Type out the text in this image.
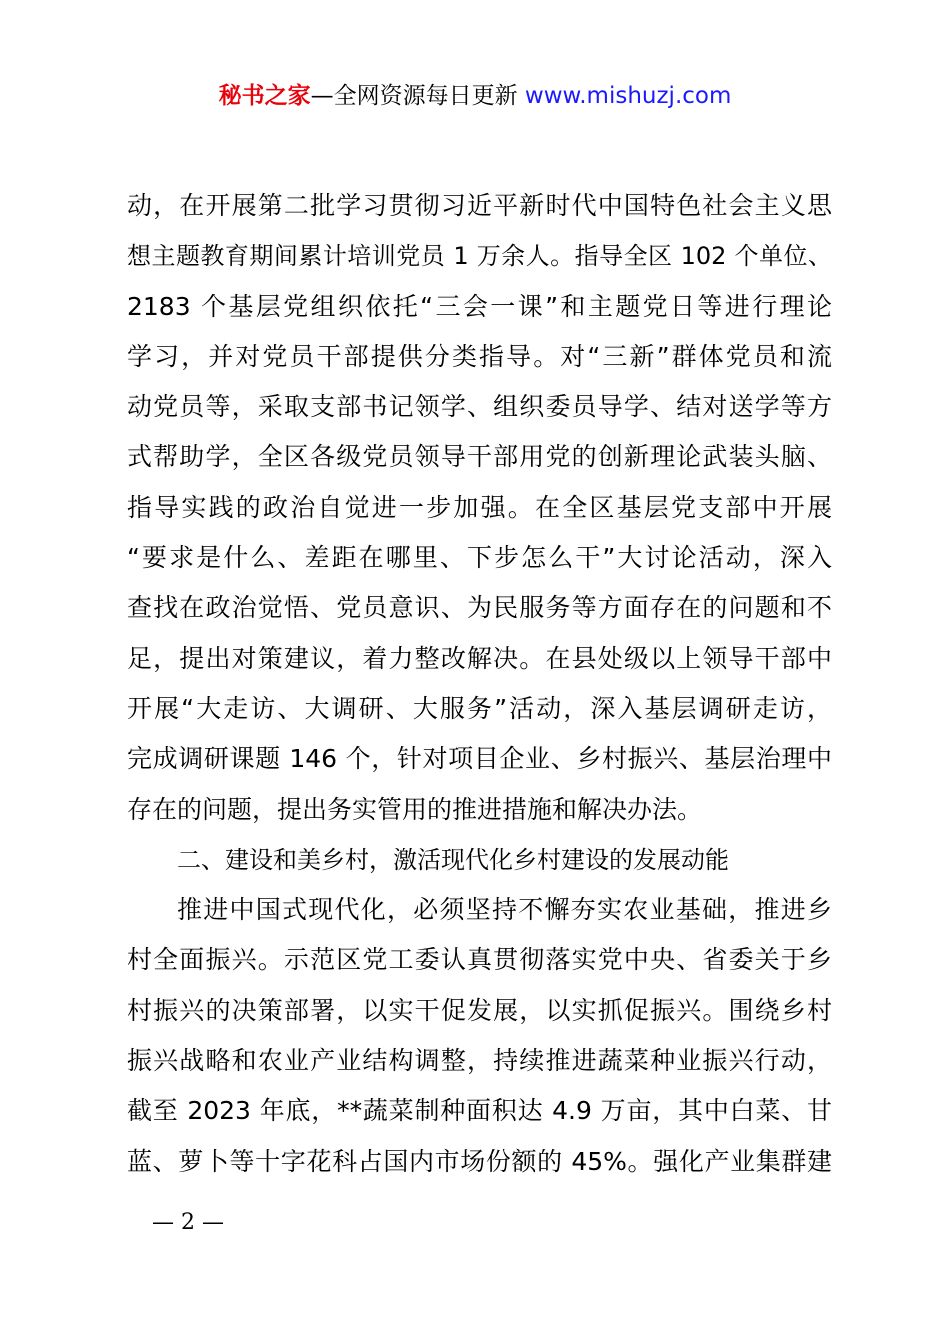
秘书之家—全网资源每日更新 www.mishuzj.com
动，在开展第二批学习贯彻习近平新时代中国特色社会主义思
想主题教育期间累计培训党员 1 万余人。指导全区 102 个单位、
2183 个基层党组织依托“三会一课”和主题党日等进行理论
学习，并对党员干部提供分类指导。对“三新”群体党员和流
动党员等，采取支部书记领学、组织委员导学、结对送学等方
式帮助学，全区各级党员领导干部用党的创新理论武装头脑、
指导实践的政治自觉进一步加强。在全区基层党支部中开展
“要求是什么、差距在哪里、下步怎么干”大讨论活动，深入
查找在政治觉悟、党员意识、为民服务等方面存在的问题和不
足，提出对策建议，着力整改解决。在县处级以上领导干部中
开展“大走访、大调研、大服务”活动，深入基层调研走访，
完成调研课题 146 个，针对项目企业、乡村振兴、基层治理中
存在的问题，提出务实管用的推进措施和解决办法。
二、建设和美乡村，激活现代化乡村建设的发展动能
推进中国式现代化，必须坚持不懈夯实农业基础，推进乡
村全面振兴。示范区党工委认真贯彻落实党中央、省委关于乡
村振兴的决策部署，以实干促发展，以实抓促振兴。围绕乡村
振兴战略和农业产业结构调整，持续推进蔬菜种业振兴行动，
截至 2023 年底，**蔬菜制种面积达 4.9 万亩，其中白菜、甘
蓝、萝卜等十字花科占国内市场份额的 45%。强化产业集群建
— 2 —
